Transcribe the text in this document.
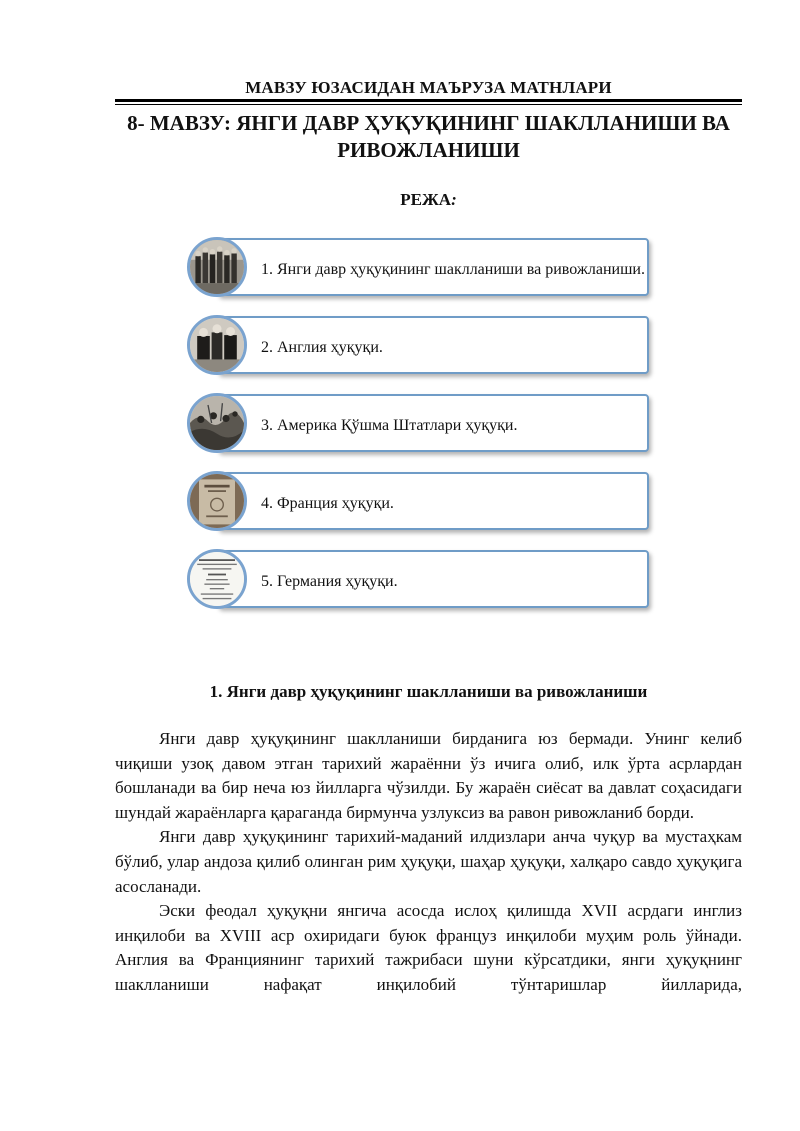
МАВЗУ ЮЗАСИДАН МАЪРУЗА МАТНЛАРИ
8- МАВЗУ: ЯНГИ ДАВР ҲУҚУҚИНИНГ ШАКЛЛАНИШИ ВА
РИВОЖЛАНИШИ
РЕЖА:
1. Янги давр ҳуқуқининг шаклланиши ва ривожланиши.
2. Англия ҳуқуқи.
3. Америка Қўшма Штатлари ҳуқуқи.
4. Франция ҳуқуқи.
5. Германия ҳуқуқи.
1. Янги давр ҳуқуқининг шаклланиши ва ривожланиши

Янги давр ҳуқуқининг шаклланиши бирданига юз бермади. Унинг келиб чиқиши узоқ давом этган тарихий жараённи ўз ичига олиб, илк ўрта асрлардан бошланади ва бир неча юз йилларга чўзилди. Бу жараён сиёсат ва давлат соҳасидаги шундай жараёнларга қараганда бирмунча узлуксиз ва равон ривожланиб борди.

Янги давр ҳуқуқининг тарихий-маданий илдизлари анча чуқур ва мустаҳкам бўлиб, улар андоза қилиб олинган рим ҳуқуқи, шаҳар ҳуқуқи, халқаро савдо ҳуқуқига асосланади.

Эски феодал ҳуқуқни янгича асосда ислоҳ қилишда XVII асрдаги инглиз инқилоби ва XVIII аср охиридаги буюк француз инқилоби муҳим роль ўйнади. Англия ва Франциянинг тарихий тажрибаси шуни кўрсатдики, янги ҳуқуқнинг шаклланиши нафақат инқилобий тўнтаришлар йилларида,
